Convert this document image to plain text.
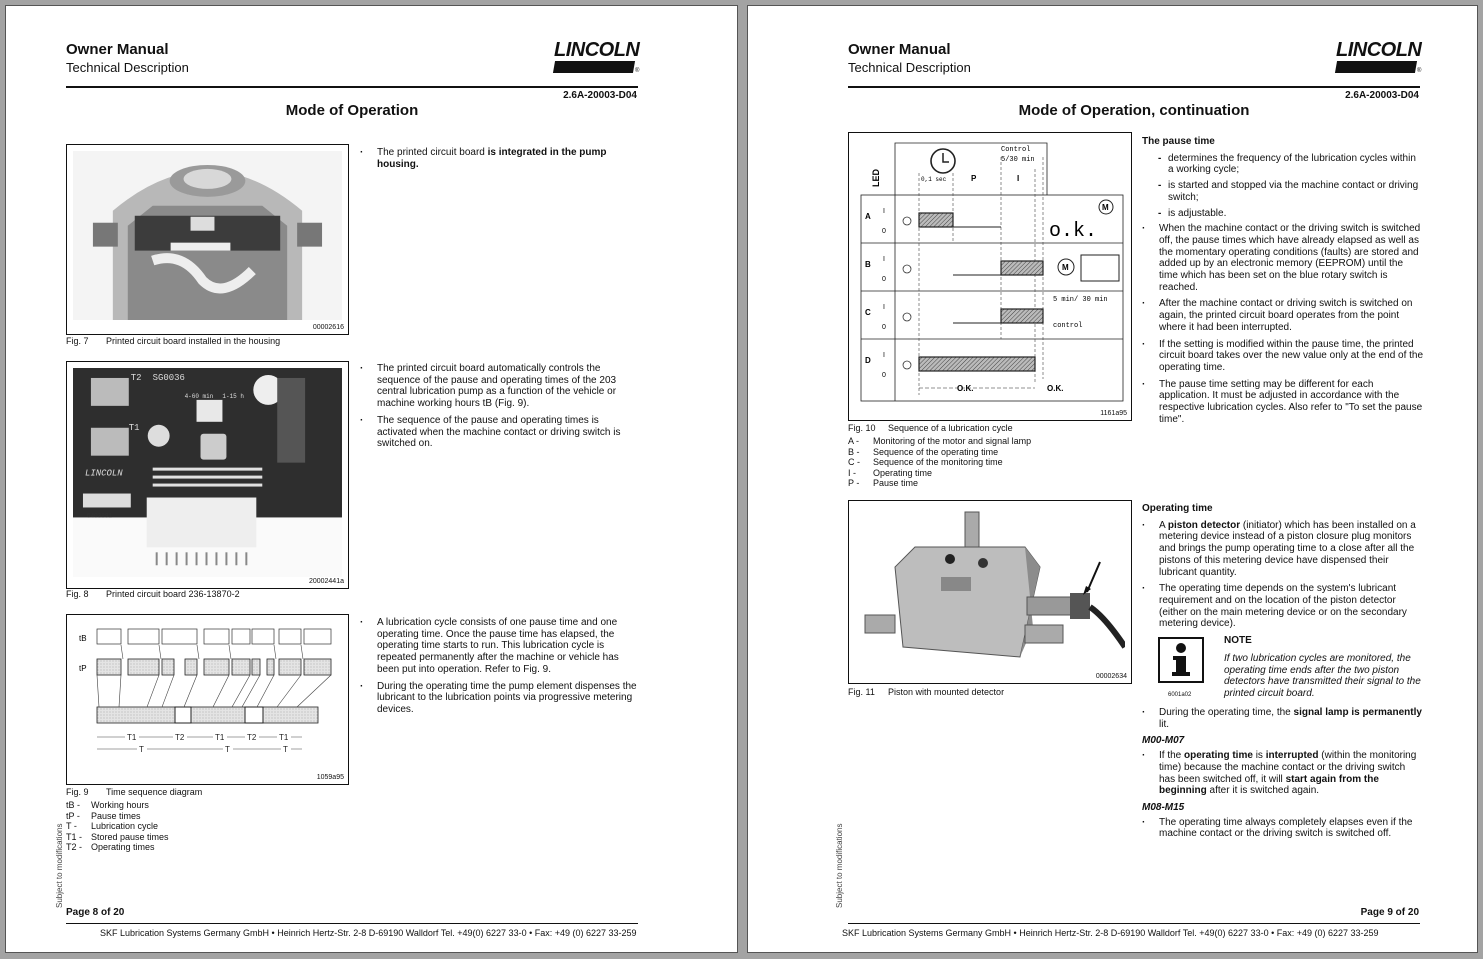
Owner Manual
Technical Description
LINCOLN
®
2.6A-20003-D04
Mode of Operation
00002616
Fig. 7 Printed circuit board installed in the housing
· The printed circuit board is integrated in the pump housing.
T2 SG0036
T1
4-60 min 1-15 h
LINCOLN
6403891
20002441a
Fig. 8 Printed circuit board 236-13870-2
· The printed circuit board automatically controls the sequence of the pause and operating times of the 203 central lubrication pump as a function of the vehicle or machine working hours tB (Fig. 9).
· The sequence of the pause and operating times is activated when the machine contact or driving switch is switched on.
tB
tP
T1	T2	T1	T2	T1
T	T	T
1059a95
Fig. 9 Time sequence diagram
tB - Working hours
tP - Pause times
T - Lubrication cycle
T1 - Stored pause times
T2 - Operating times
· A lubrication cycle consists of one pause time and one operating time. Once the pause time has elapsed, the operating time starts to run. This lubrication cycle is repeated permanently after the machine or vehicle has been put into operation. Refer to Fig. 9.
· During the operating time the pump element dispenses the lubricant to the lubrication points via progressive metering devices.
Subject to modifications
Page 8 of 20
SKF Lubrication Systems Germany GmbH • Heinrich Hertz-Str. 2-8 D-69190 Walldorf Tel. +49(0) 6227 33-0 • Fax: +49 (0) 6227 33-259
Owner Manual
Technical Description
LINCOLN
®
2.6A-20003-D04
Mode of Operation, continuation
LED
Control
5/30 min
0,1 sec	P	I
A
B
C
D
I
0
I
0
I
0
I
0
o.k.
M
M
5 min/ 30 min
control
O.K.	O.K.
1161a95
Fig. 10 Sequence of a lubrication cycle
A - Monitoring of the motor and signal lamp
B - Sequence of the operating time
C - Sequence of the monitoring time
I - Operating time
P - Pause time
The pause time
- determines the frequency of the lubrication cycles within a working cycle;
- is started and stopped via the machine contact or driving switch;
- is adjustable.
· When the machine contact or the driving switch is switched off, the pause times which have already elapsed as well as the momentary operating conditions (faults) are stored and added up by an electronic memory (EEPROM) until the time which has been set on the blue rotary switch is reached.
· After the machine contact or driving switch is switched on again, the printed circuit board operates from the point where it had been interrupted.
· If the setting is modified within the pause time, the printed circuit board takes over the new value only at the end of the operating time.
· The pause time setting may be different for each application. It must be adjusted in accordance with the respective lubrication cycles. Also refer to "To set the pause time".
00002634
Fig. 11 Piston with mounted detector
Operating time
· A piston detector (initiator) which has been installed on a metering device instead of a piston closure plug monitors and brings the pump operating time to a close after all the pistons of this metering device have dispensed their lubricant quantity.
· The operating time depends on the system's lubricant requirement and on the location of the piston detector (either on the main metering device or on the secondary metering device).
6001a02
NOTE
If two lubrication cycles are monitored, the operating time ends after the two piston detectors have transmitted their signal to the printed circuit board.
· During the operating time, the signal lamp is permanently lit.
M00-M07
· If the operating time is interrupted (within the monitoring time) because the machine contact or the driving switch has been switched off, it will start again from the beginning after it is switched again.
M08-M15
· The operating time always completely elapses even if the machine contact or the driving switch is switched off.
Subject to modifications
Page 9 of 20
SKF Lubrication Systems Germany GmbH • Heinrich Hertz-Str. 2-8 D-69190 Walldorf Tel. +49(0) 6227 33-0 • Fax: +49 (0) 6227 33-259
